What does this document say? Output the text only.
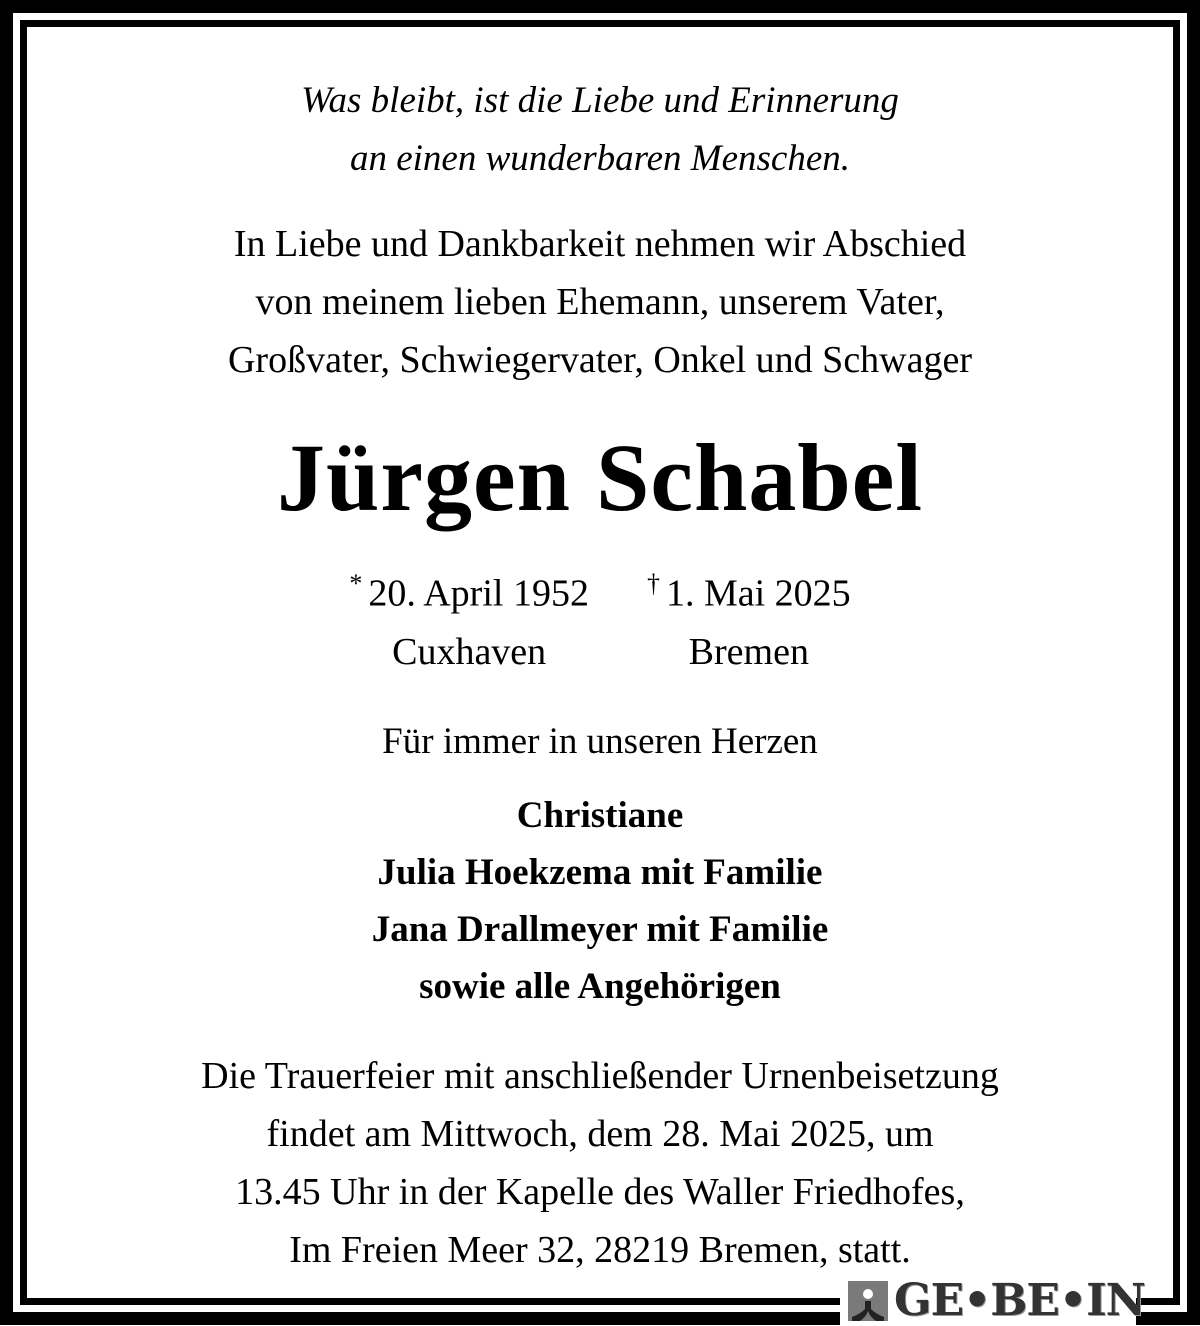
Was bleibt, ist die Liebe und Erinnerung
an einen wunderbaren Menschen.
In Liebe und Dankbarkeit nehmen wir Abschied
von meinem lieben Ehemann, unserem Vater,
Großvater, Schwiegervater, Onkel und Schwager
Jürgen Schabel
* 20. April 1952
Cuxhaven
† 1. Mai 2025
Bremen
Für immer in unseren Herzen
Christiane
Julia Hoekzema mit Familie
Jana Drallmeyer mit Familie
sowie alle Angehörigen
Die Trauerfeier mit anschließender Urnenbeisetzung
findet am Mittwoch, dem 28. Mai 2025, um
13.45 Uhr in der Kapelle des Waller Friedhofes,
Im Freien Meer 32, 28219 Bremen, statt.
GE•BE•IN
